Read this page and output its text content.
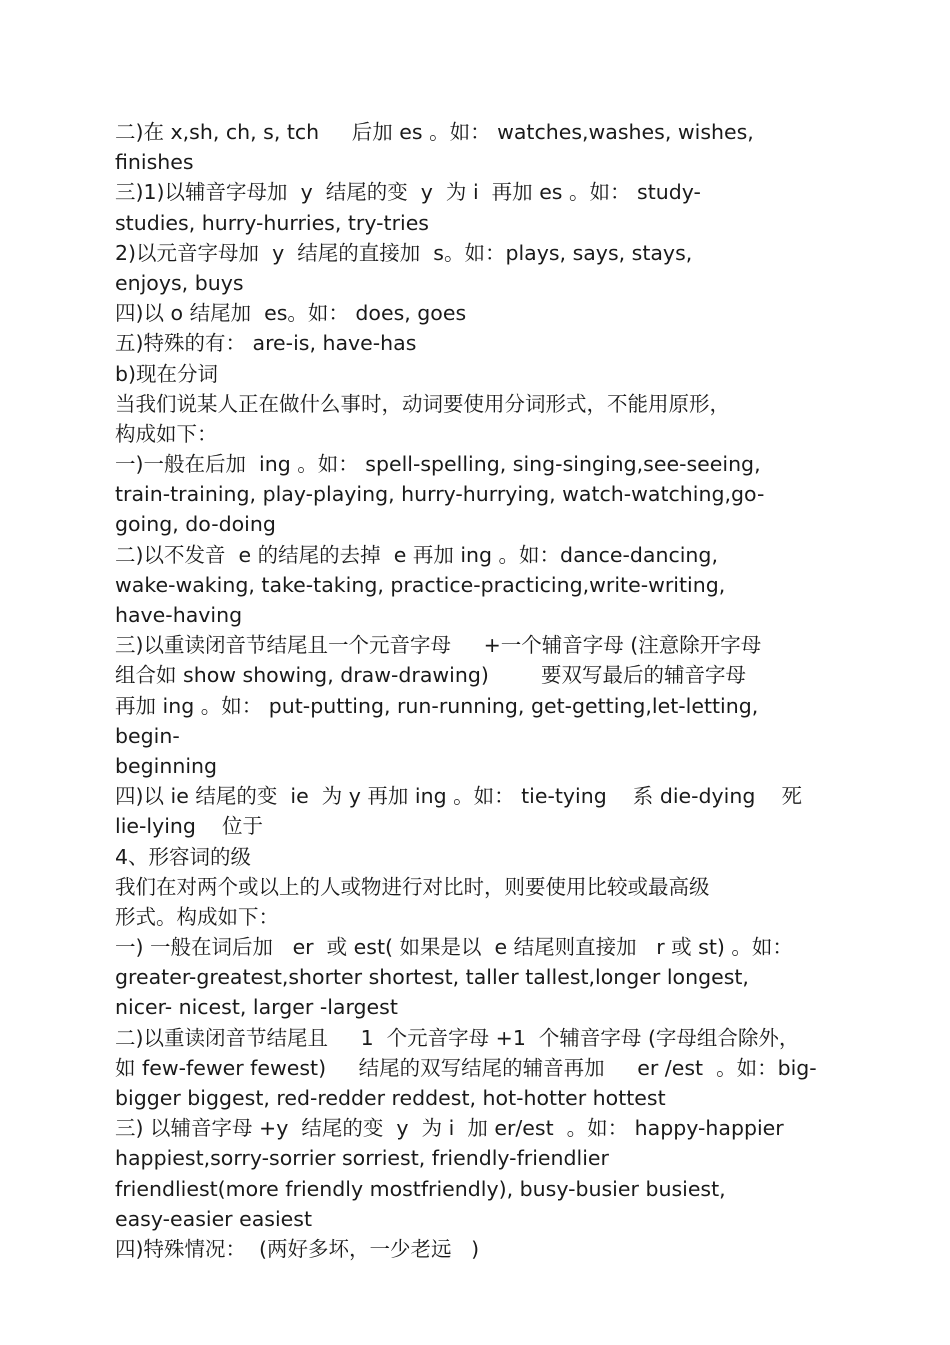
二)在 x,sh, ch, s, tch     后加 es 。如： watches,washes, wishes,
finishes
三)1)以辅音字母加  y  结尾的变  y  为 i  再加 es 。如： study-
studies, hurry-hurries, try-tries
2)以元音字母加  y  结尾的直接加  s。如：plays, says, stays,
enjoys, buys
四)以 o 结尾加  es。如： does, goes
五)特殊的有： are-is, have-has
b)现在分词
当我们说某人正在做什么事时，动词要使用分词形式，不能用原形，
构成如下：
一)一般在后加  ing 。如： spell-spelling, sing-singing,see-seeing,
train-training, play-playing, hurry-hurrying, watch-watching,go-
going, do-doing
二)以不发音  e 的结尾的去掉  e 再加 ing 。如：dance-dancing,
wake-waking, take-taking, practice-practicing,write-writing,
have-having
三)以重读闭音节结尾且一个元音字母     +一个辅音字母 (注意除开字母
组合如 show showing, draw-drawing)        要双写最后的辅音字母
再加 ing 。如： put-putting, run-running, get-getting,let-letting,
begin-
beginning
四)以 ie 结尾的变  ie  为 y 再加 ing 。如： tie-tying    系 die-dying    死
lie-lying    位于
4、形容词的级
我们在对两个或以上的人或物进行对比时，则要使用比较或最高级
形式。构成如下：
一) 一般在词后加   er  或 est( 如果是以  e 结尾则直接加   r 或 st) 。如：
greater-greatest,shorter shortest, taller tallest,longer longest,
nicer- nicest, larger -largest
二)以重读闭音节结尾且     1  个元音字母 +1  个辅音字母 (字母组合除外，
如 few-fewer fewest)     结尾的双写结尾的辅音再加     er /est  。如：big-
bigger biggest, red-redder reddest, hot-hotter hottest
三) 以辅音字母 +y  结尾的变  y  为 i  加 er/est  。如： happy-happier
happiest,sorry-sorrier sorriest, friendly-friendlier
friendliest(more friendly mostfriendly), busy-busier busiest,
easy-easier easiest
四)特殊情况：  (两好多坏，一少老远   )
